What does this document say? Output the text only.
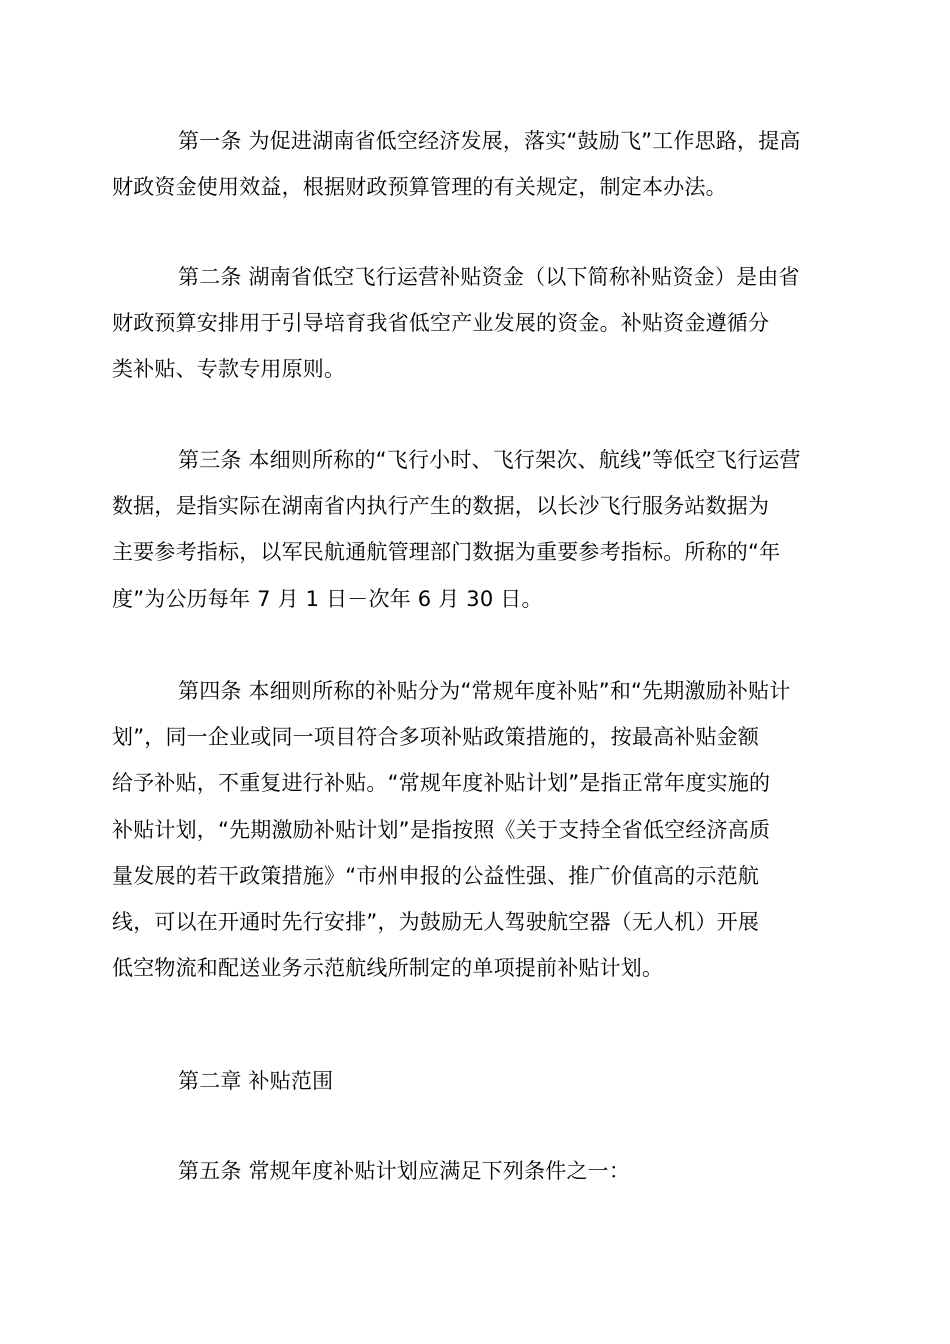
第一条 为促进湖南省低空经济发展，落实“鼓励飞”工作思路，提高
财政资金使用效益，根据财政预算管理的有关规定，制定本办法。

第二条 湖南省低空飞行运营补贴资金（以下简称补贴资金）是由省
财政预算安排用于引导培育我省低空产业发展的资金。补贴资金遵循分
类补贴、专款专用原则。

第三条 本细则所称的“飞行小时、飞行架次、航线”等低空飞行运营
数据，是指实际在湖南省内执行产生的数据，以长沙飞行服务站数据为
主要参考指标，以军民航通航管理部门数据为重要参考指标。所称的“年
度”为公历每年 7 月 1 日－次年 6 月 30 日。

第四条 本细则所称的补贴分为“常规年度补贴”和“先期激励补贴计
划”，同一企业或同一项目符合多项补贴政策措施的，按最高补贴金额
给予补贴，不重复进行补贴。“常规年度补贴计划”是指正常年度实施的
补贴计划，“先期激励补贴计划”是指按照《关于支持全省低空经济高质
量发展的若干政策措施》“市州申报的公益性强、推广价值高的示范航
线，可以在开通时先行安排”，为鼓励无人驾驶航空器（无人机）开展
低空物流和配送业务示范航线所制定的单项提前补贴计划。

第二章 补贴范围

第五条 常规年度补贴计划应满足下列条件之一：
